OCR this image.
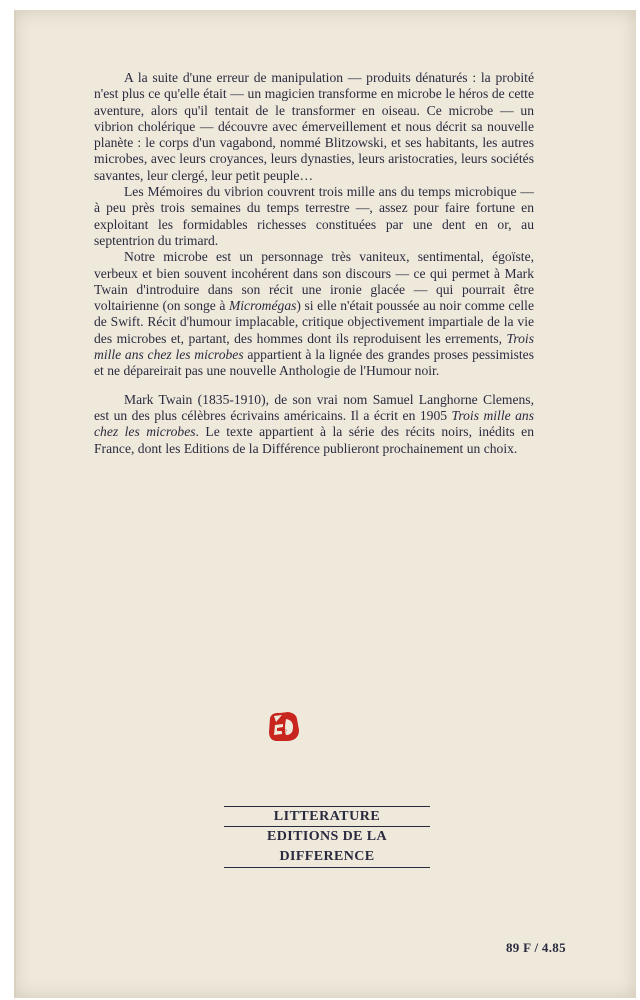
A la suite d'une erreur de manipulation — produits dénaturés : la probité n'est plus ce qu'elle était — un magicien transforme en microbe le héros de cette aventure, alors qu'il tentait de le transformer en oiseau. Ce microbe — un vibrion cholérique — découvre avec émerveillement et nous décrit sa nouvelle planète : le corps d'un vagabond, nommé Blitzowski, et ses habitants, les autres microbes, avec leurs croyances, leurs dynasties, leurs aristocraties, leurs sociétés savantes, leur clergé, leur petit peuple…

Les Mémoires du vibrion couvrent trois mille ans du temps microbique — à peu près trois semaines du temps terrestre —, assez pour faire fortune en exploitant les formidables richesses constituées par une dent en or, au septentrion du trimard.

Notre microbe est un personnage très vaniteux, sentimental, égoïste, verbeux et bien souvent incohérent dans son discours — ce qui permet à Mark Twain d'introduire dans son récit une ironie glacée — qui pourrait être voltairienne (on songe à Micromégas) si elle n'était poussée au noir comme celle de Swift. Récit d'humour implacable, critique objectivement impartiale de la vie des microbes et, partant, des hommes dont ils reproduisent les errements, Trois mille ans chez les microbes appartient à la lignée des grandes proses pessimistes et ne dépareirait pas une nouvelle Anthologie de l'Humour noir.

Mark Twain (1835-1910), de son vrai nom Samuel Langhorne Clemens, est un des plus célèbres écrivains américains. Il a écrit en 1905 Trois mille ans chez les microbes. Le texte appartient à la série des récits noirs, inédits en France, dont les Editions de la Différence publieront prochainement un choix.

ED
LITTERATURE
EDITIONS DE LA DIFFERENCE
89 F / 4.85
